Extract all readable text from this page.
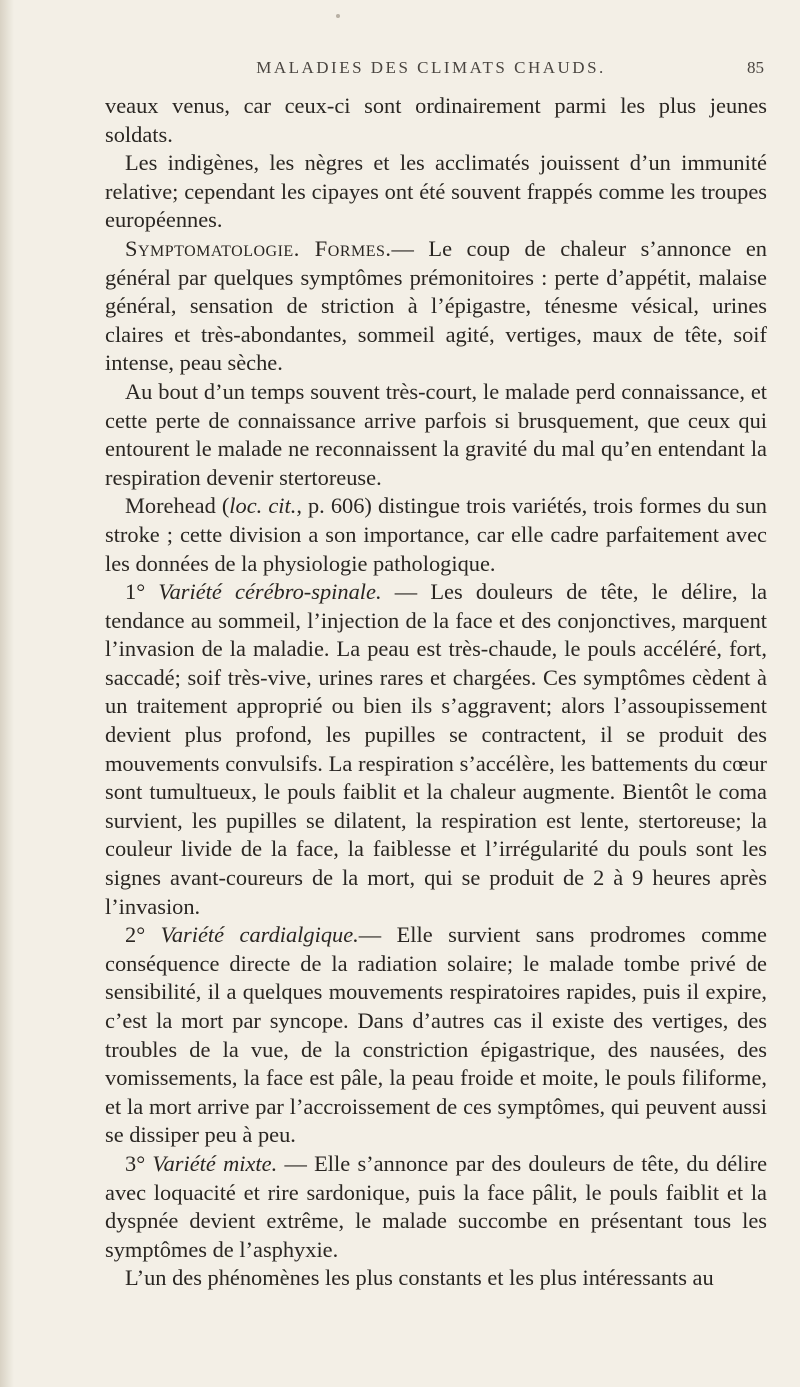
MALADIES DES CLIMATS CHAUDS.	85

veaux venus, car ceux-ci sont ordinairement parmi les plus jeunes soldats.

Les indigènes, les nègres et les acclimatés jouissent d’un immunité relative; cependant les cipayes ont été souvent frappés comme les troupes européennes.

Symptomatologie. Formes.— Le coup de chaleur s’annonce en général par quelques symptômes prémonitoires : perte d’appétit, malaise général, sensation de striction à l’épigastre, ténesme vésical, urines claires et très-abondantes, sommeil agité, vertiges, maux de tête, soif intense, peau sèche.

Au bout d’un temps souvent très-court, le malade perd connaissance, et cette perte de connaissance arrive parfois si brusquement, que ceux qui entourent le malade ne reconnaissent la gravité du mal qu’en entendant la respiration devenir stertoreuse.

Morehead (loc. cit., p. 606) distingue trois variétés, trois formes du sun stroke ; cette division a son importance, car elle cadre parfaitement avec les données de la physiologie pathologique.

1° Variété cérébro-spinale. — Les douleurs de tête, le délire, la tendance au sommeil, l’injection de la face et des conjonctives, marquent l’invasion de la maladie. La peau est très-chaude, le pouls accéléré, fort, saccadé; soif très-vive, urines rares et chargées. Ces symptômes cèdent à un traitement approprié ou bien ils s’aggravent; alors l’assoupissement devient plus profond, les pupilles se contractent, il se produit des mouvements convulsifs. La respiration s’accélère, les battements du cœur sont tumultueux, le pouls faiblit et la chaleur augmente. Bientôt le coma survient, les pupilles se dilatent, la respiration est lente, stertoreuse; la couleur livide de la face, la faiblesse et l’irrégularité du pouls sont les signes avant-coureurs de la mort, qui se produit de 2 à 9 heures après l’invasion.

2° Variété cardialgique.— Elle survient sans prodromes comme conséquence directe de la radiation solaire; le malade tombe privé de sensibilité, il a quelques mouvements respiratoires rapides, puis il expire, c’est la mort par syncope. Dans d’autres cas il existe des vertiges, des troubles de la vue, de la constriction épigastrique, des nausées, des vomissements, la face est pâle, la peau froide et moite, le pouls filiforme, et la mort arrive par l’accroissement de ces symptômes, qui peuvent aussi se dissiper peu à peu.

3° Variété mixte. — Elle s’annonce par des douleurs de tête, du délire avec loquacité et rire sardonique, puis la face pâlit, le pouls faiblit et la dyspnée devient extrême, le malade succombe en présentant tous les symptômes de l’asphyxie.

L’un des phénomènes les plus constants et les plus intéressants au
